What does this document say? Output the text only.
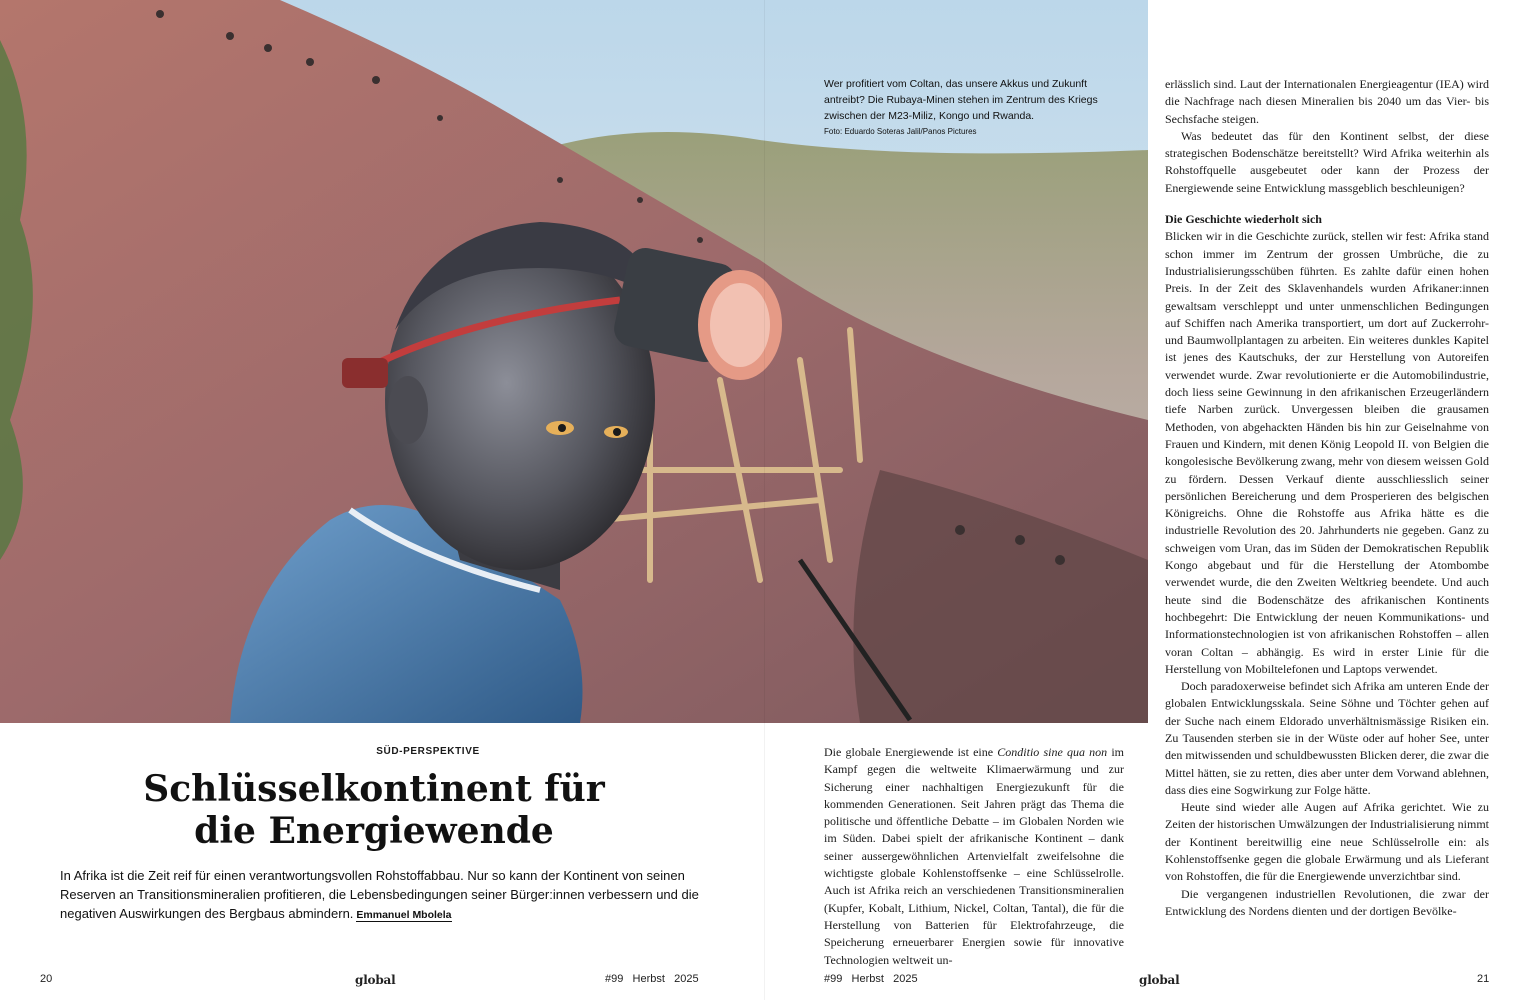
Wer profitiert vom Coltan, das unsere Akkus und Zukunft antreibt? Die Rubaya-Minen stehen im Zentrum des Kriegs zwischen der M23-Miliz, Kongo und Rwanda.
Foto: Eduardo Soteras Jalil/Panos Pictures
SÜD-PERSPEKTIVE
Schlüsselkontinent für
die Energiewende
In Afrika ist die Zeit reif für einen verantwortungsvollen Rohstoffabbau. Nur so kann der Kontinent von seinen Reserven an Transitionsmineralien profitieren, die Lebensbedingungen seiner Bürger:innen verbessern und die negativen Auswirkungen des Bergbaus abmindern. Emmanuel Mbolela

Die globale Energiewende ist eine Conditio sine qua non im Kampf gegen die weltweite Klimaerwärmung und zur Sicherung einer nachhaltigen Energiezukunft für die kommenden Generationen. Seit Jahren prägt das Thema die politische und öffentliche Debatte – im Globalen Norden wie im Süden. Dabei spielt der afrikanische Kontinent – dank seiner aussergewöhnlichen Artenvielfalt zweifelsohne die wichtigste globale Kohlenstoffsenke – eine Schlüsselrolle. Auch ist Afrika reich an verschiedenen Transitionsmineralien (Kupfer, Kobalt, Lithium, Nickel, Coltan, Tantal), die für die Herstellung von Batterien für Elektrofahrzeuge, die Speicherung erneuerbarer Energien sowie für innovative Technologien weltweit un-

erlässlich sind. Laut der Internationalen Energieagentur (IEA) wird die Nachfrage nach diesen Mineralien bis 2040 um das Vier- bis Sechsfache steigen.

Was bedeutet das für den Kontinent selbst, der diese strategischen Bodenschätze bereitstellt? Wird Afrika weiterhin als Rohstoffquelle ausgebeutet oder kann der Prozess der Energiewende seine Entwicklung massgeblich beschleunigen?

Die Geschichte wiederholt sich

Blicken wir in die Geschichte zurück, stellen wir fest: Afrika stand schon immer im Zentrum der grossen Umbrüche, die zu Industrialisierungsschüben führten. Es zahlte dafür einen hohen Preis. In der Zeit des Sklavenhandels wurden Afrikaner:innen gewaltsam verschleppt und unter unmenschlichen Bedingungen auf Schiffen nach Amerika transportiert, um dort auf Zuckerrohr- und Baumwollplantagen zu arbeiten. Ein weiteres dunkles Kapitel ist jenes des Kautschuks, der zur Herstellung von Autoreifen verwendet wurde. Zwar revolutionierte er die Automobilindustrie, doch liess seine Gewinnung in den afrikanischen Erzeugerländern tiefe Narben zurück. Unvergessen bleiben die grausamen Methoden, von abgehackten Händen bis hin zur Geiselnahme von Frauen und Kindern, mit denen König Leopold II. von Belgien die kongolesische Bevölkerung zwang, mehr von diesem weissen Gold zu fördern. Dessen Verkauf diente ausschliesslich seiner persönlichen Bereicherung und dem Prosperieren des belgischen Königreichs. Ohne die Rohstoffe aus Afrika hätte es die industrielle Revolution des 20. Jahrhunderts nie gegeben. Ganz zu schweigen vom Uran, das im Süden der Demokratischen Republik Kongo abgebaut und für die Herstellung der Atombombe verwendet wurde, die den Zweiten Weltkrieg beendete. Und auch heute sind die Bodenschätze des afrikanischen Kontinents hochbegehrt: Die Entwicklung der neuen Kommunikations- und Informationstechnologien ist von afrikanischen Rohstoffen – allen voran Coltan – abhängig. Es wird in erster Linie für die Herstellung von Mobiltelefonen und Laptops verwendet.

Doch paradoxerweise befindet sich Afrika am unteren Ende der globalen Entwicklungsskala. Seine Söhne und Töchter gehen auf der Suche nach einem Eldorado unverhältnismässige Risiken ein. Zu Tausenden sterben sie in der Wüste oder auf hoher See, unter den mitwissenden und schuldbewussten Blicken derer, die zwar die Mittel hätten, sie zu retten, dies aber unter dem Vorwand ablehnen, dass dies eine Sogwirkung zur Folge hätte.

Heute sind wieder alle Augen auf Afrika gerichtet. Wie zu Zeiten der historischen Umwälzungen der Industrialisierung nimmt der Kontinent bereitwillig eine neue Schlüsselrolle ein: als Kohlenstoffsenke gegen die globale Erwärmung und als Lieferant von Rohstoffen, die für die Energiewende unverzichtbar sind.

Die vergangenen industriellen Revolutionen, die zwar der Entwicklung des Nordens dienten und der dortigen Bevölke-

20	global	#99 Herbst 2025	#99 Herbst 2025	global	21
